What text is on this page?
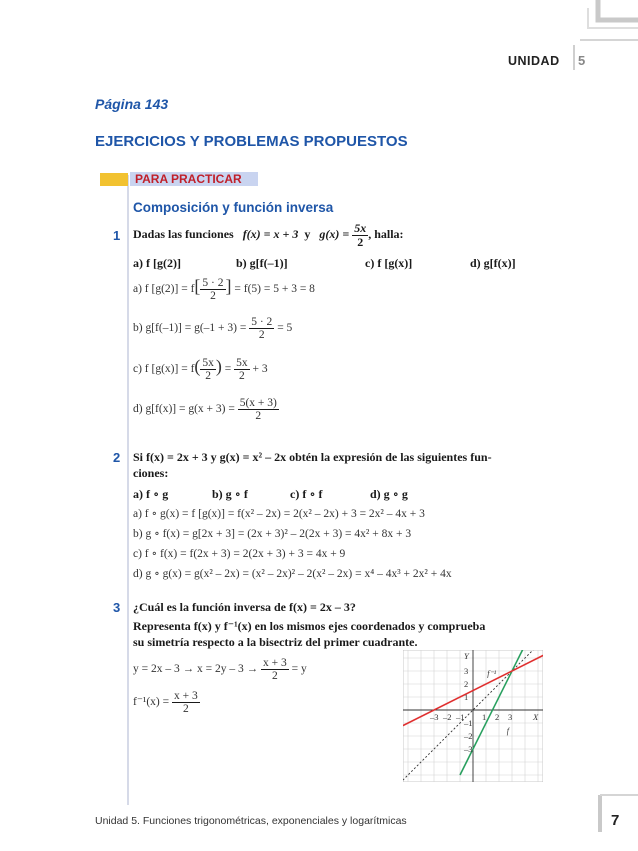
UNIDAD 5
Página 143
EJERCICIOS Y PROBLEMAS PROPUESTOS
PARA PRACTICAR
Composición y función inversa
1 Dadas las funciones f(x) = x + 3 y $g(x) = \frac{5x}{2}$ , halla:
a) f [g(2)]	b) g[f(–1)]	c) f [g(x)]	d) g[f(x)]
a) f $[g(2)] = f[ \frac{5 \cdot 2}{2}$ ] = f(5) = 5 + 3 = 8
b) $g[f(-1)] = g(-1 + 3) = \frac{5 \cdot 2}{2} = 5$
c) f $[g(x)] = f( \frac{5x}{2}$ ) = $\frac{5x}{2} + 3$
d) $g[f(x)] = g(x + 3) = \frac{5(x + 3)}{2}$
2 Si f(x) = 2x + 3 y g(x) = x² – 2x obtén la expresión de las siguientes fun-
ciones:
a) f ∘ g	b) g ∘ f	c) f ∘ f	d) g ∘ g
a) f ∘ g(x) = f [g(x)] = f(x² – 2x) = 2(x² – 2x) + 3 = 2x² – 4x + 3
b) g ∘ f(x) = g[2x + 3] = (2x + 3)² – 2(2x + 3) = 4x² + 8x + 3
c) f ∘ f(x) = f(2x + 3) = 2(2x + 3) + 3 = 4x + 9
d) g ∘ g(x) = g(x² – 2x) = (x² – 2x)² – 2(x² – 2x) = x⁴ – 4x³ + 2x² + 4x
3 ¿Cuál es la función inversa de f(x) = 2x – 3?
Representa f(x) y f⁻¹(x) en los mismos ejes coordenados y comprueba
su simetría respecto a la bisectriz del primer cuadrante.
$y = 2x - 3 \to x = 2y - 3 \to \frac{x + 3}{2} = y$
$f^{-1}(x) = \frac{x + 3}{2}$
Y
X
–3 –2 –1 1 2 3
3
2
1
–1
–2
–3
f⁻¹
f
Unidad 5. Funciones trigonométricas, exponenciales y logarítmicas	7
